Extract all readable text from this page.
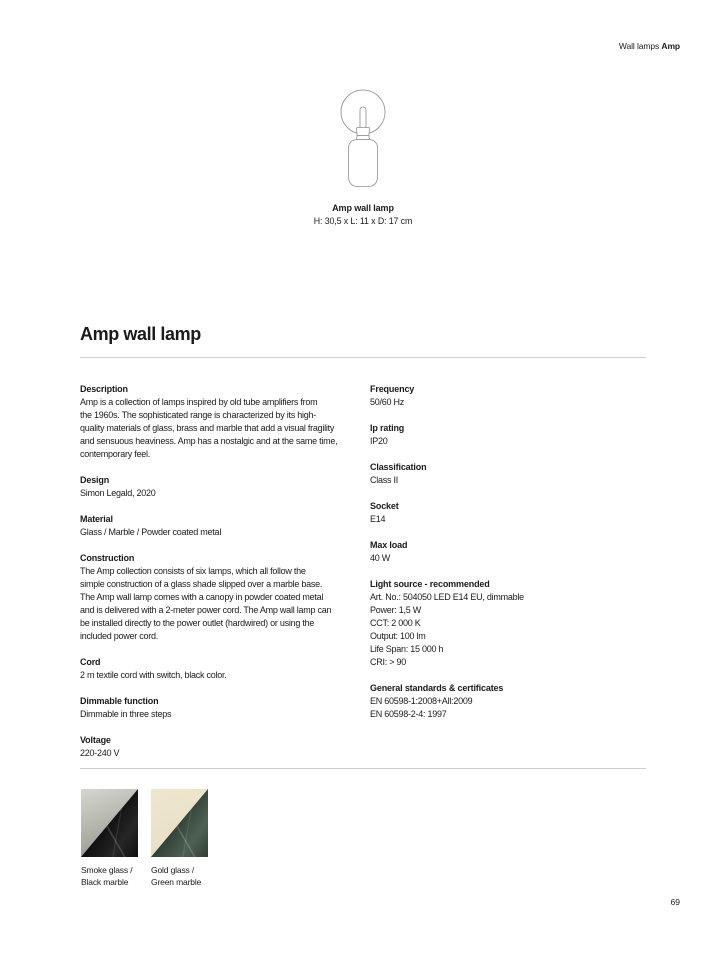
Wall lamps Amp
Amp wall lamp
H: 30,5 x L: 11 x D: 17 cm
Amp wall lamp
Description
Amp is a collection of lamps inspired by old tube amplifiers from
the 1960s. The sophisticated range is characterized by its high-
quality materials of glass, brass and marble that add a visual fragility
and sensuous heaviness. Amp has a nostalgic and at the same time,
contemporary feel.
Design
Simon Legald, 2020
Material
Glass / Marble / Powder coated metal
Construction
The Amp collection consists of six lamps, which all follow the
simple construction of a glass shade slipped over a marble base.
The Amp wall lamp comes with a canopy in powder coated metal
and is delivered with a 2-meter power cord. The Amp wall lamp can
be installed directly to the power outlet (hardwired) or using the
included power cord.
Cord
2 m textile cord with switch, black color.
Dimmable function
Dimmable in three steps
Voltage
220-240 V
Frequency
50/60 Hz
Ip rating
IP20
Classification
Class II
Socket
E14
Max load
40 W
Light source - recommended
Art. No.: 504050 LED E14 EU, dimmable
Power: 1,5 W
CCT: 2 000 K
Output: 100 lm
Life Span: 15 000 h
CRI: > 90
General standards & certificates
EN 60598-1:2008+All:2009
EN 60598-2-4: 1997
Smoke glass /
Black marble
Gold glass /
Green marble
69
